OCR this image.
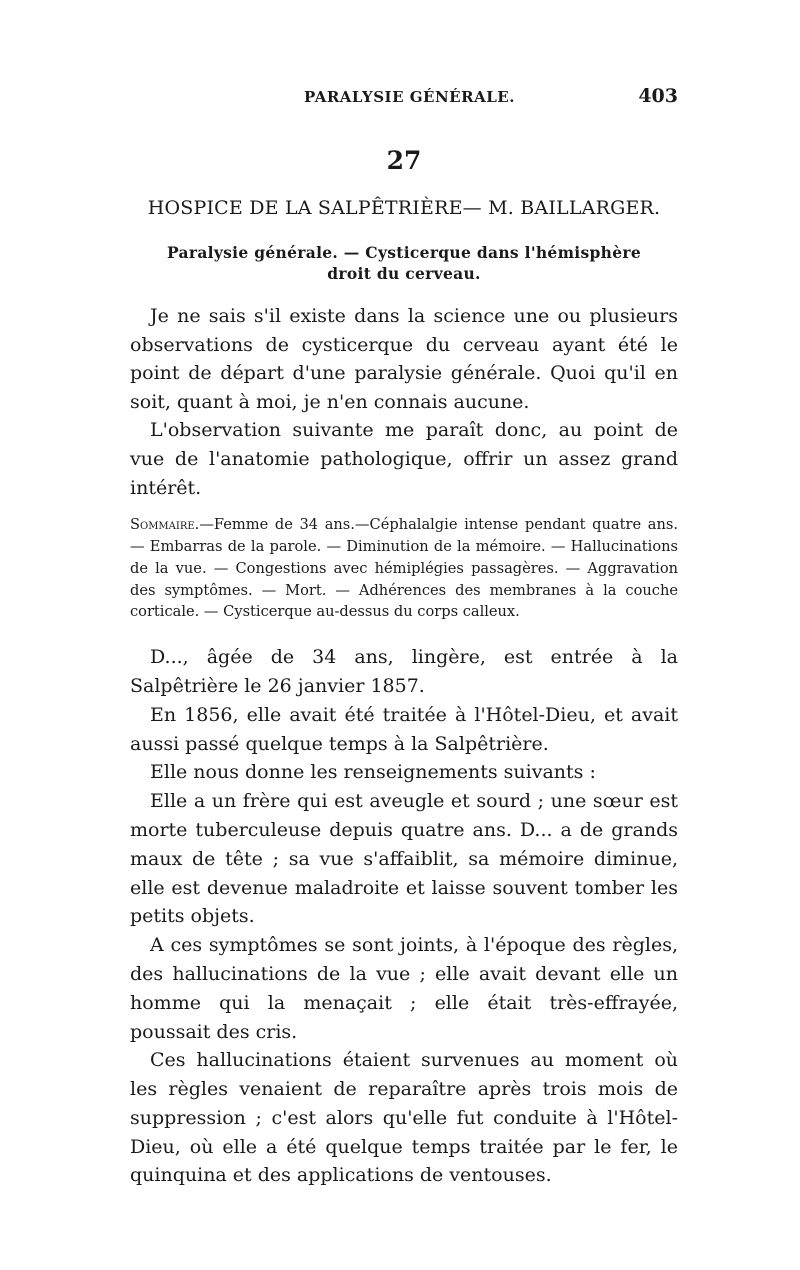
PARALYSIE GÉNÉRALE.	403
27
HOSPICE DE LA SALPÊTRIÈRE— M. BAILLARGER.
Paralysie générale. — Cysticerque dans l'hémisphère
droit du cerveau.

Je ne sais s'il existe dans la science une ou plusieurs observations de cysticerque du cerveau ayant été le point de départ d'une paralysie générale. Quoi qu'il en soit, quant à moi, je n'en connais aucune.

L'observation suivante me paraît donc, au point de vue de l'anatomie pathologique, offrir un assez grand intérêt.

Sommaire.—Femme de 34 ans.—Céphalalgie intense pendant quatre ans. — Embarras de la parole. — Diminution de la mémoire. — Hallucinations de la vue. — Congestions avec hémiplégies passagères. — Aggravation des symptômes. — Mort. — Adhérences des membranes à la couche corticale. — Cysticerque au-dessus du corps calleux.

D..., âgée de 34 ans, lingère, est entrée à la Salpêtrière le 26 janvier 1857.

En 1856, elle avait été traitée à l'Hôtel-Dieu, et avait aussi passé quelque temps à la Salpêtrière.

Elle nous donne les renseignements suivants :

Elle a un frère qui est aveugle et sourd ; une sœur est morte tuberculeuse depuis quatre ans. D... a de grands maux de tête ; sa vue s'affaiblit, sa mémoire diminue, elle est devenue maladroite et laisse souvent tomber les petits objets.

A ces symptômes se sont joints, à l'époque des règles, des hallucinations de la vue ; elle avait devant elle un homme qui la menaçait ; elle était très-effrayée, poussait des cris.

Ces hallucinations étaient survenues au moment où les règles venaient de reparaître après trois mois de suppression ; c'est alors qu'elle fut conduite à l'Hôtel-Dieu, où elle a été quelque temps traitée par le fer, le quinquina et des applications de ventouses.
